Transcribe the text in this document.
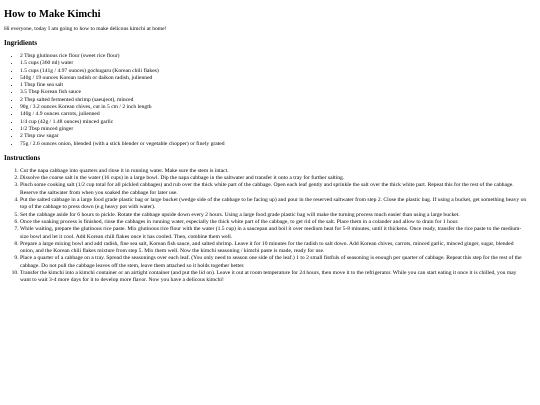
How to Make Kimchi

Hi everyone, today I am going to how to make delicous kimchi at home!

Ingridients
• 2 Tbsp glutinous rice flour (sweet rice flour)
• 1.5 cups (360 ml) water
• 1.5 cups (141g / 4.97 ounces) gochugaru (Korean chili flakes)
• 540g / 19 ounces Korean radish or daikon radish, julienned
• 1 Tbsp fine sea salt
• 3.5 Tbsp Korean fish sauce
• 2 Tbsp salted fermented shrimp (saeujeot), minced
• 90g / 3.2 ounces Korean chives, cut in 5 cm / 2 inch length
• 140g / 4.9 ounces carrots, julienned
• 1/4 cup (42g / 1.48 ounces) minced garlic
• 1/2 Tbsp minced ginger
• 2 Tbsp raw sugar
• 75g / 2.6 ounces onion, blended (with a stick blender or vegetable chopper) or finely grated
Instructions
1. Cut the napa cabbage into quarters and rinse it in running water. Make sure the stem is intact.
2. Dissolve the coarse salt in the water (16 cups) in a large bowl. Dip the napa cabbage in the saltwater and transfer it onto a tray for further salting.
3. Pinch some cooking salt (1/2 cup total for all pickled cabbages) and rub over the thick white part of the cabbage. Open each leaf gently and sprinkle the salt over the thick white part. Repeat this for the rest of the cabbage. Reserve the saltwater from when you soaked the cabbage for later use.
4. Put the salted cabbage in a large food grade plastic bag or large bucket (wedge side of the cabbage to be facing up) and pour in the reserved saltwater from step 2. Close the plastic bag. If using a bucket, get something heavy on top of the cabbage to press down (e.g heavy pot with water).
5. Set the cabbage aside for 6 hours to pickle. Rotate the cabbage upside down every 2 hours. Using a large food grade plastic bag will make the turning process much easier than using a large bucket.
6. Once the soaking process is finished, rinse the cabbages in running water, especially the thick white part of the cabbage, to get rid of the salt. Place them in a colander and allow to drain for 1 hour.
7. While waiting, prepare the glutinous rice paste. Mix glutinous rice flour with the water (1.5 cup) in a saucepan and boil it over medium heat for 5-8 minutes, until it thickens. Once ready, transfer the rice paste to the medium-size bowl and let it cool. Add Korean chili flakes once it has cooled. Then, combine them well.
8. Prepare a large mixing bowl and add radish, fine sea salt, Korean fish sauce, and salted shrimp. Leave it for 10 minutes for the radish to salt down. Add Korean chives, carrots, minced garlic, minced ginger, sugar, blended onion, and the Korean chili flakes mixture from step 5. Mix them well. Now the kimchi seasoning / kimchi paste is made, ready for use.
9. Place a quarter of a cabbage on a tray. Spread the seasonings over each leaf. (You only need to season one side of the leaf.) 1 to 2 small fistfuls of seasoning is enough per quarter of cabbage. Repeat this step for the rest of the cabbage. Do not pull the cabbage leaves off the stem, leave them attached so it holds together better.
10. Transfer the kimchi into a kimchi container or an airtight container (and put the lid on). Leave it out at room temperature for 24 hours, then move it to the refrigerator. While you can start eating it once it is chilled, you may want to wait 3-4 more days for it to develop more flavor. Now you have a delicous kimchi!
